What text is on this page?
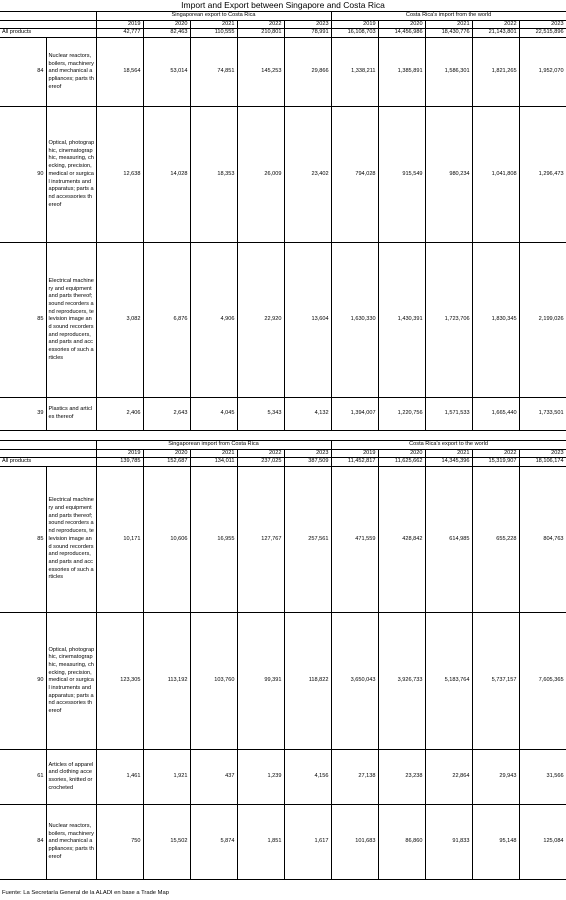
Import and Export between Singapore and Costa Rica
		Singaporean export to Costa Rica					Costa Rica's import from the world				
		2019	2020	2021	2022	2023	2019	2020	2021	2022	2023
All products		42,777	82,463	110,555	210,801	78,991	16,108,703	14,456,986	18,430,776	21,143,801	22,515,896
84	Nuclear reactors, boilers, machinery and mechanical appliances; parts thereof	18,564	53,014	74,851	145,253	29,866	1,338,211	1,385,891	1,586,301	1,821,265	1,952,070
90	Optical, photographic, cinematographic, measuring, checking, precision, medical or surgical instruments and apparatus; parts and accessories thereof	12,638	14,028	18,353	26,009	23,402	794,028	915,549	980,234	1,041,808	1,296,473
85	Electrical machinery and equipment and parts thereof; sound recorders and reproducers, television image and sound recorders and reproducers, and parts and accessories of such articles	3,082	6,876	4,906	22,920	13,604	1,630,330	1,430,391	1,723,706	1,830,345	2,199,026
39	Plastics and articles thereof	2,406	2,643	4,045	5,343	4,132	1,394,007	1,220,756	1,571,533	1,665,440	1,733,501
		Singaporean import from Costa Rica					Costa Rica's export to the world				
		2019	2020	2021	2022	2023	2019	2020	2021	2022	2023
All products		139,785	152,687	134,011	237,025	387,509	11,452,817	11,625,662	14,345,396	15,319,907	18,106,174
85	Electrical machinery and equipment and parts thereof; sound recorders and reproducers, television image and sound recorders and reproducers, and parts and accessories of such articles	10,171	10,606	16,955	127,767	257,561	471,559	428,842	614,985	655,228	804,763
90	Optical, photographic, cinematographic, measuring, checking, precision, medical or surgical instruments and apparatus; parts and accessories thereof	123,305	113,192	103,760	99,391	118,822	3,650,043	3,926,733	5,183,764	5,737,157	7,605,365
61	Articles of apparel and clothing accessories, knitted or crocheted	1,461	1,921	437	1,239	4,156	27,138	23,238	22,864	29,943	31,566
84	Nuclear reactors, boilers, machinery and mechanical appliances; parts thereof	750	15,502	5,874	1,851	1,617	101,683	86,860	91,833	95,148	125,084
Fuente: La Secretaría General de la ALADI en base a Trade Map
